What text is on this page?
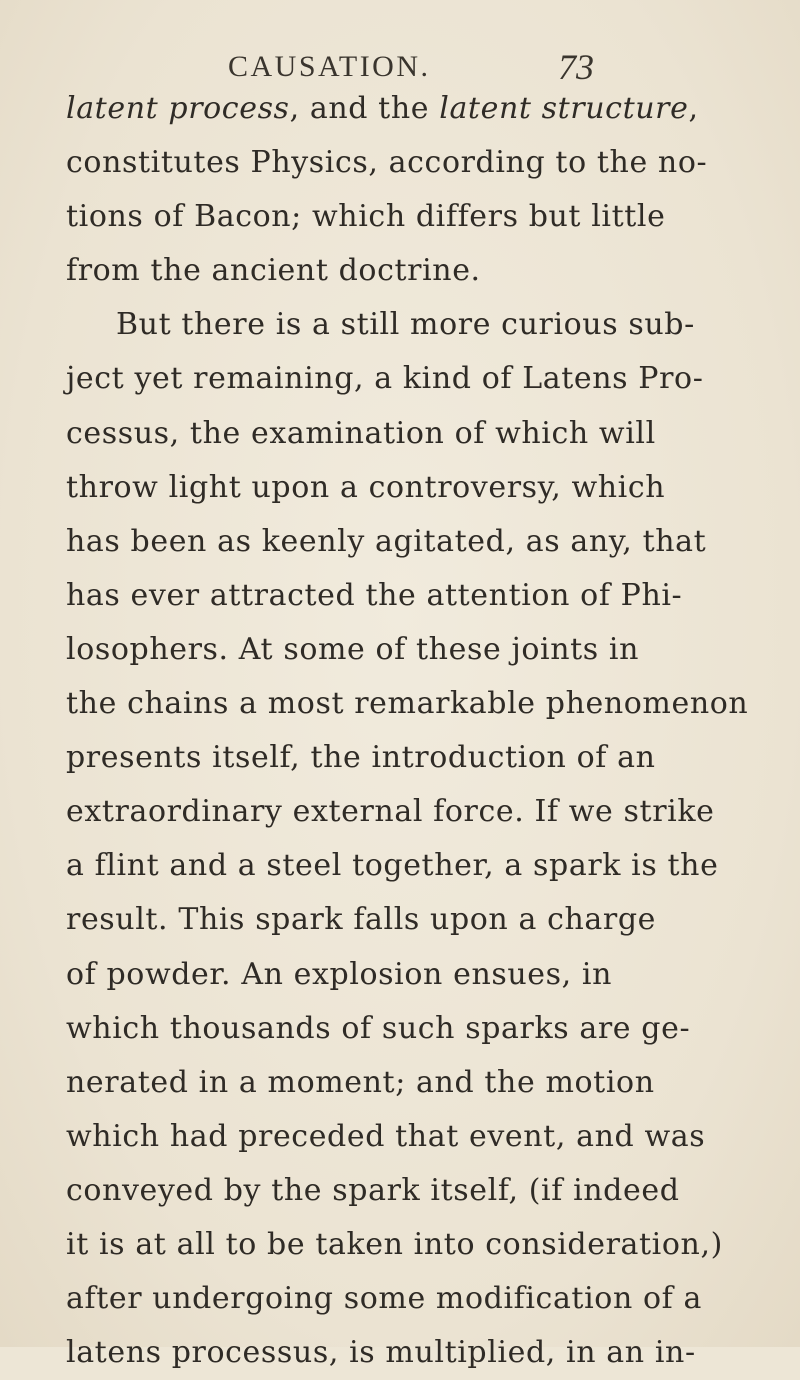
CAUSATION.	73
latent process, and the latent structure,
constitutes Physics, according to the no-
tions of Bacon; which differs but little
from the ancient doctrine.
But there is a still more curious sub-
ject yet remaining, a kind of Latens Pro-
cessus, the examination of which will
throw light upon a controversy, which
has been as keenly agitated, as any, that
has ever attracted the attention of Phi-
losophers. At some of these joints in
the chains a most remarkable phenomenon
presents itself, the introduction of an
extraordinary external force. If we strike
a flint and a steel together, a spark is the
result. This spark falls upon a charge
of powder. An explosion ensues, in
which thousands of such sparks are ge-
nerated in a moment; and the motion
which had preceded that event, and was
conveyed by the spark itself, (if indeed
it is at all to be taken into consideration,)
after undergoing some modification of a
latens processus, is multiplied, in an in-
